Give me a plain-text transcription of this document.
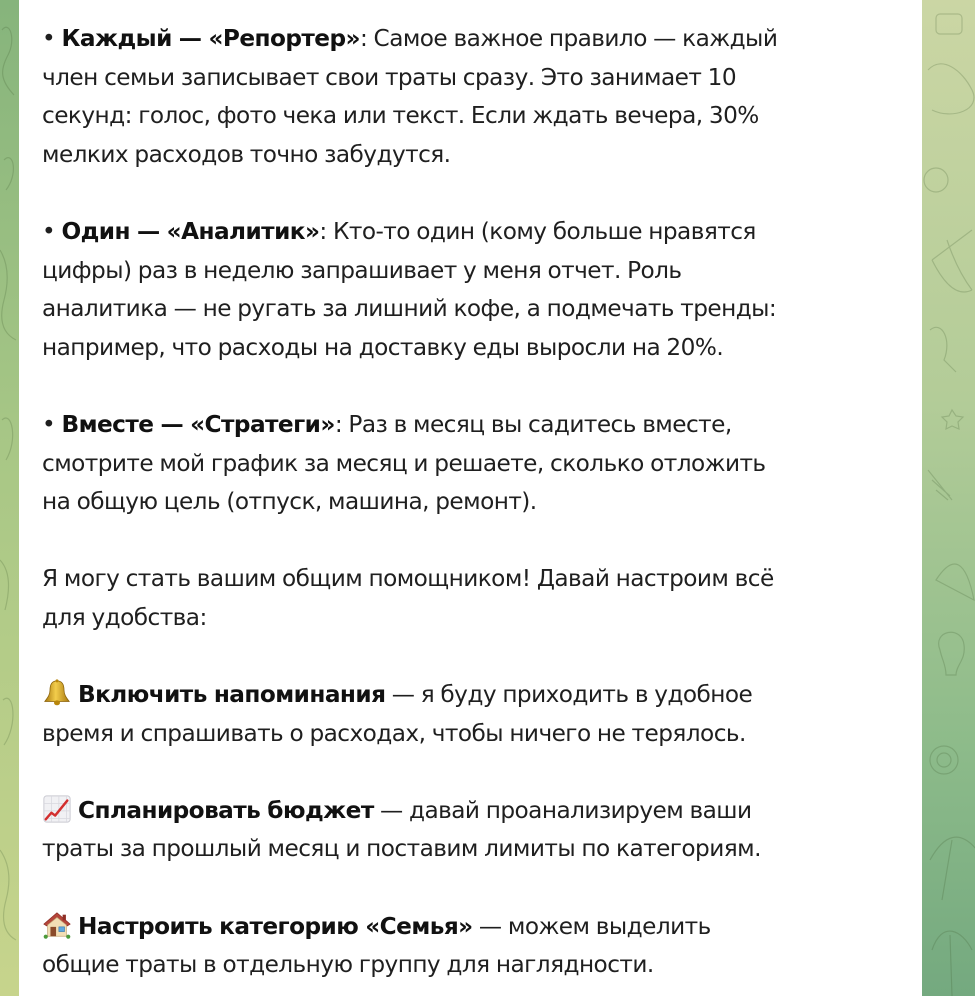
• Каждый — «Репортер»: Самое важное правило — каждый
член семьи записывает свои траты сразу. Это занимает 10
секунд: голос, фото чека или текст. Если ждать вечера, 30%
мелких расходов точно забудутся.
• Один — «Аналитик»: Кто-то один (кому больше нравятся
цифры) раз в неделю запрашивает у меня отчет. Роль
аналитика — не ругать за лишний кофе, а подмечать тренды:
например, что расходы на доставку еды выросли на 20%.
• Вместе — «Стратеги»: Раз в месяц вы садитесь вместе,
смотрите мой график за месяц и решаете, сколько отложить
на общую цель (отпуск, машина, ремонт).
Я могу стать вашим общим помощником! Давай настроим всё
для удобства:
Включить напоминания — я буду приходить в удобное
время и спрашивать о расходах, чтобы ничего не терялось.
Спланировать бюджет — давай проанализируем ваши
траты за прошлый месяц и поставим лимиты по категориям.
Настроить категорию «Семья» — можем выделить
общие траты в отдельную группу для наглядности.
